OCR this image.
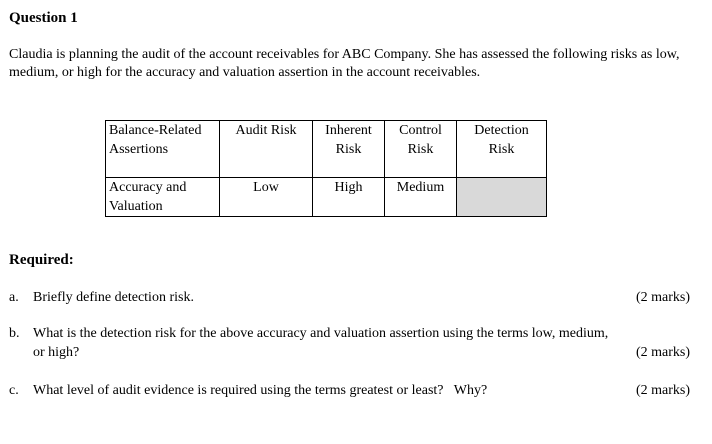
Question 1
Claudia is planning the audit of the account receivables for ABC Company. She has assessed the following risks as low, medium, or high for the accuracy and valuation assertion in the account receivables.
Balance-Related Assertions	Audit Risk	Inherent Risk	Control Risk	Detection Risk
Accuracy and Valuation	Low	High	Medium	
Required:
a. Briefly define detection risk.	(2 marks)
b. What is the detection risk for the above accuracy and valuation assertion using the terms low, medium,
or high?	(2 marks)
c. What level of audit evidence is required using the terms greatest or least?   Why?	(2 marks)
